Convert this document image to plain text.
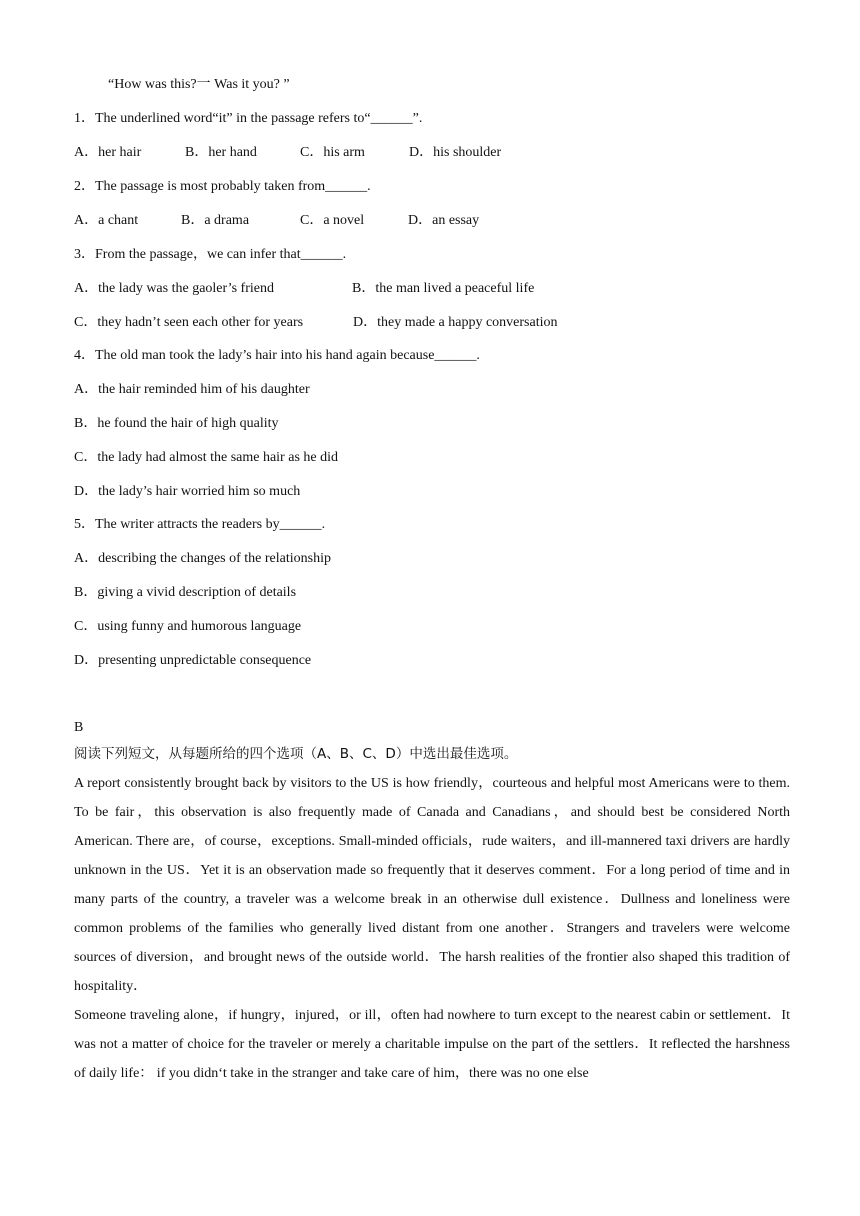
“How was this?一 Was it you? ”
1．The underlined word“it” in the passage refers to“______”.
A．her hair	B．her hand	C．his arm	D．his shoulder
2．The passage is most probably taken from______.
A．a chant	B．a drama	C．a novel	D．an essay
3．From the passage，we can infer that______.
A．the lady was the gaoler’s friend	B．the man lived a peaceful life
C．they hadn’t seen each other for years	D．they made a happy conversation
4．The old man took the lady’s hair into his hand again because______.
A．the hair reminded him of his daughter
B．he found the hair of high quality
C．the lady had almost the same hair as he did
D．the lady’s hair worried him so much
5．The writer attracts the readers by______.
A．describing the changes of the relationship
B．giving a vivid description of details
C．using funny and humorous language
D．presenting unpredictable consequence
B
阅读下列短文，从每题所给的四个选项（A、B、C、D）中选出最佳选项。
A report consistently brought back by visitors to the US is how friendly，courteous and helpful most Americans were to them. To be fair，this observation is also frequently made of Canada and Canadians，and should best be considered North American. There are，of course，exceptions. Small-minded officials，rude waiters，and ill-mannered taxi drivers are hardly unknown in the US．Yet it is an observation made so frequently that it deserves comment．For a long period of time and in many parts of the country, a traveler was a welcome break in an otherwise dull existence．Dullness and loneliness were common problems of the families who generally lived distant from one another．Strangers and travelers were welcome sources of diversion，and brought news of the outside world．The harsh realities of the frontier also shaped this tradition of hospitality．
Someone traveling alone，if hungry，injured，or ill，often had nowhere to turn except to the nearest cabin or settlement．It was not a matter of choice for the traveler or merely a charitable impulse on the part of the settlers．It reflected the harshness of daily life： if you didn‘t take in the stranger and take care of him，there was no one else
